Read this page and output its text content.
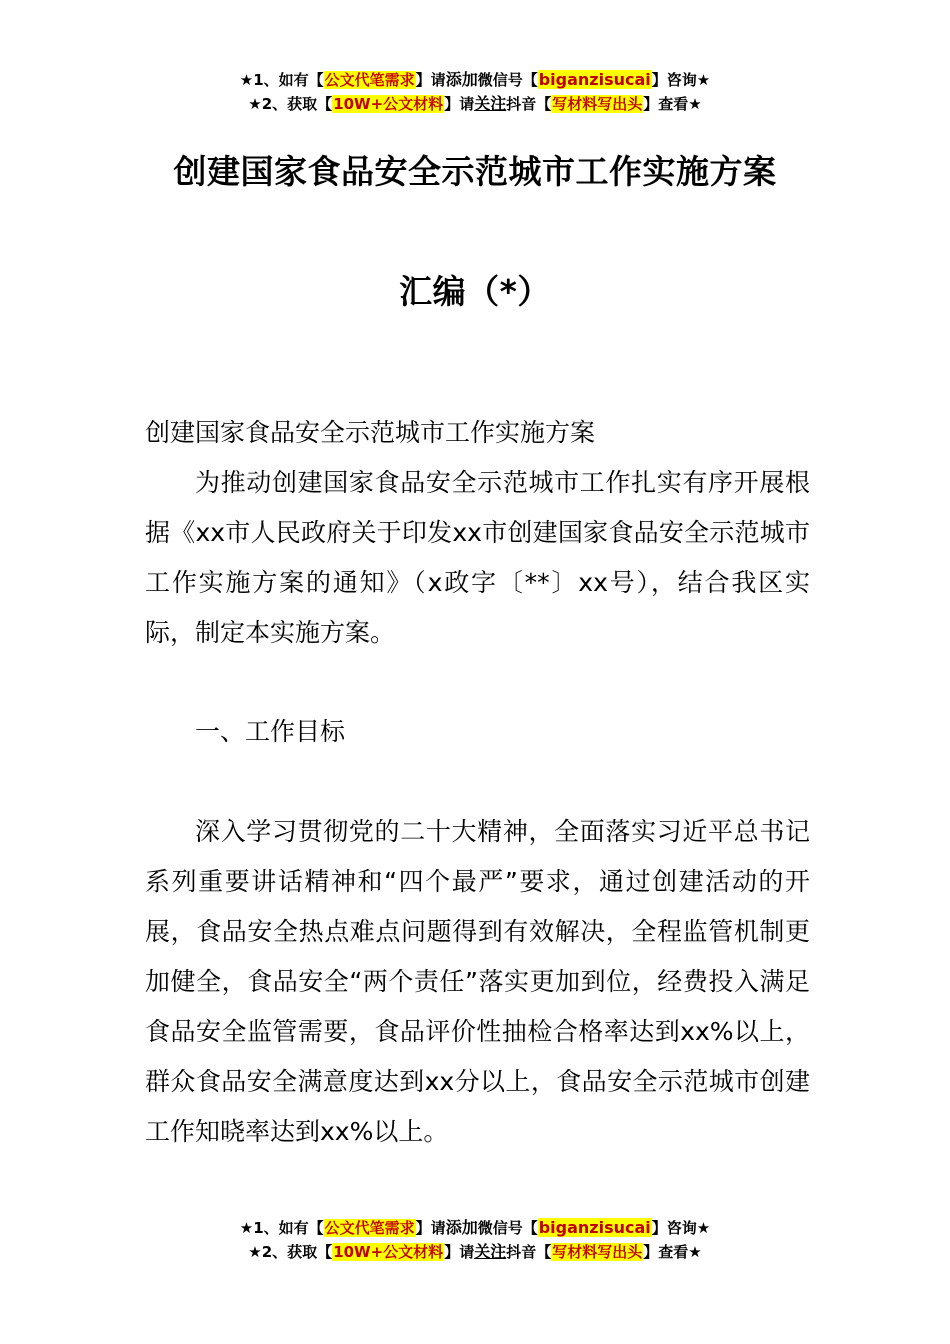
★1、如有【公文代笔需求】请添加微信号【biganzisucai】咨询★
★2、获取【10W+公文材料】请关注抖音【写材料写出头】查看★
创建国家食品安全示范城市工作实施方案
汇编（*）
创建国家食品安全示范城市工作实施方案
为推动创建国家食品安全示范城市工作扎实有序开展根据《xx市人民政府关于印发xx市创建国家食品安全示范城市工作实施方案的通知》（x政字〔**〕xx号），结合我区实际，制定本实施方案。
一、工作目标
深入学习贯彻党的二十大精神，全面落实习近平总书记系列重要讲话精神和“四个最严”要求，通过创建活动的开展，食品安全热点难点问题得到有效解决，全程监管机制更加健全，食品安全“两个责任”落实更加到位，经费投入满足食品安全监管需要，食品评价性抽检合格率达到xx%以上，群众食品安全满意度达到xx分以上，食品安全示范城市创建工作知晓率达到xx%以上。
★1、如有【公文代笔需求】请添加微信号【biganzisucai】咨询★
★2、获取【10W+公文材料】请关注抖音【写材料写出头】查看★
